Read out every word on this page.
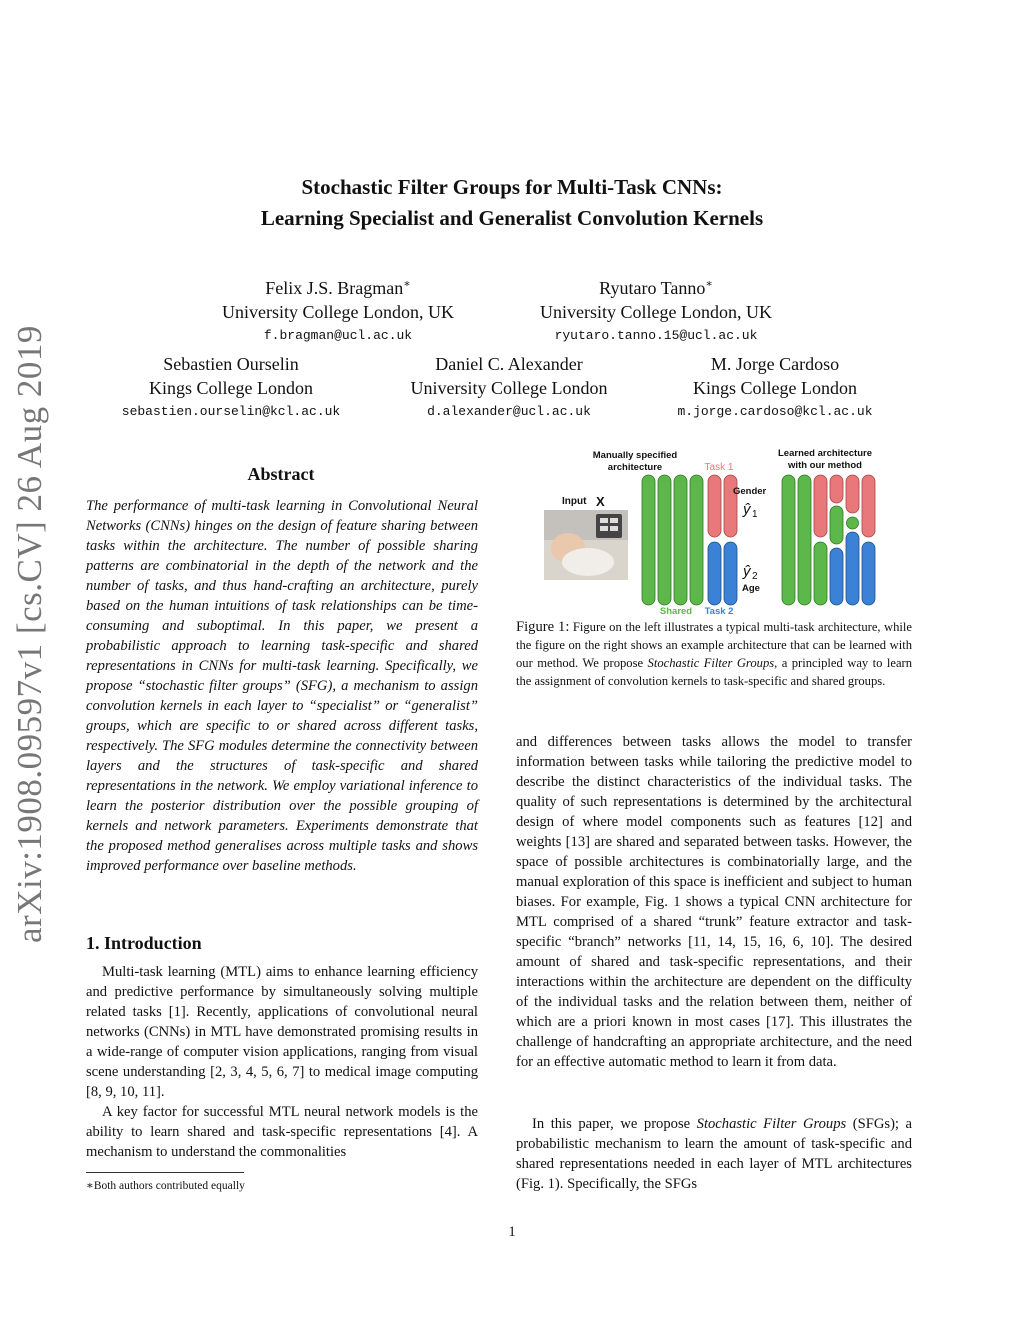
Stochastic Filter Groups for Multi-Task CNNs:
Learning Specialist and Generalist Convolution Kernels
Felix J.S. Bragman∗
University College London, UK
f.bragman@ucl.ac.uk
Ryutaro Tanno∗
University College London, UK
ryutaro.tanno.15@ucl.ac.uk
Sebastien Ourselin
Kings College London
sebastien.ourselin@kcl.ac.uk
Daniel C. Alexander
University College London
d.alexander@ucl.ac.uk
M. Jorge Cardoso
Kings College London
m.jorge.cardoso@kcl.ac.uk
arXiv:1908.09597v1 [cs.CV] 26 Aug 2019	Abstract
The performance of multi-task learning in Convolutional Neural Networks (CNNs) hinges on the design of feature sharing between tasks within the architecture. The number of possible sharing patterns are combinatorial in the depth of the network and the number of tasks, and thus hand-crafting an architecture, purely based on the human intuitions of task relationships can be time-consuming and suboptimal. In this paper, we present a probabilistic approach to learning task-specific and shared representations in CNNs for multi-task learning. Specifically, we propose “stochastic filter groups” (SFG), a mechanism to assign convolution kernels in each layer to “specialist” or “generalist” groups, which are specific to or shared across different tasks, respectively. The SFG modules determine the connectivity between layers and the structures of task-specific and shared representations in the network. We employ variational inference to learn the posterior distribution over the possible grouping of kernels and network parameters. Experiments demonstrate that the proposed method generalises across multiple tasks and shows improved performance over baseline methods.
1. Introduction
Multi-task learning (MTL) aims to enhance learning efficiency and predictive performance by simultaneously solving multiple related tasks [1]. Recently, applications of convolutional neural networks (CNNs) in MTL have demonstrated promising results in a wide-range of computer vision applications, ranging from visual scene understanding [2, 3, 4, 5, 6, 7] to medical image computing [8, 9, 10, 11].
A key factor for successful MTL neural network models is the ability to learn shared and task-specific representations [4]. A mechanism to understand the commonalities
∗Both authors contributed equally
Manually specified
architecture
Learned architecture
with our method
Task 1
Input X
Gender
ŷ 1
ŷ 2
Age
Shared Task 2
Figure 1: Figure on the left illustrates a typical multi-task architecture, while the figure on the right shows an example architecture that can be learned with our method. We propose Stochastic Filter Groups, a principled way to learn the assignment of convolution kernels to task-specific and shared groups.
and differences between tasks allows the model to transfer information between tasks while tailoring the predictive model to describe the distinct characteristics of the individual tasks. The quality of such representations is determined by the architectural design of where model components such as features [12] and weights [13] are shared and separated between tasks. However, the space of possible architectures is combinatorially large, and the manual exploration of this space is inefficient and subject to human biases. For example, Fig. 1 shows a typical CNN architecture for MTL comprised of a shared “trunk” feature extractor and task-specific “branch” networks [11, 14, 15, 16, 6, 10]. The desired amount of shared and task-specific representations, and their interactions within the architecture are dependent on the difficulty of the individual tasks and the relation between them, neither of which are a priori known in most cases [17]. This illustrates the challenge of handcrafting an appropriate architecture, and the need for an effective automatic method to learn it from data.
In this paper, we propose Stochastic Filter Groups (SFGs); a probabilistic mechanism to learn the amount of task-specific and shared representations needed in each layer of MTL architectures (Fig. 1). Specifically, the SFGs
1
